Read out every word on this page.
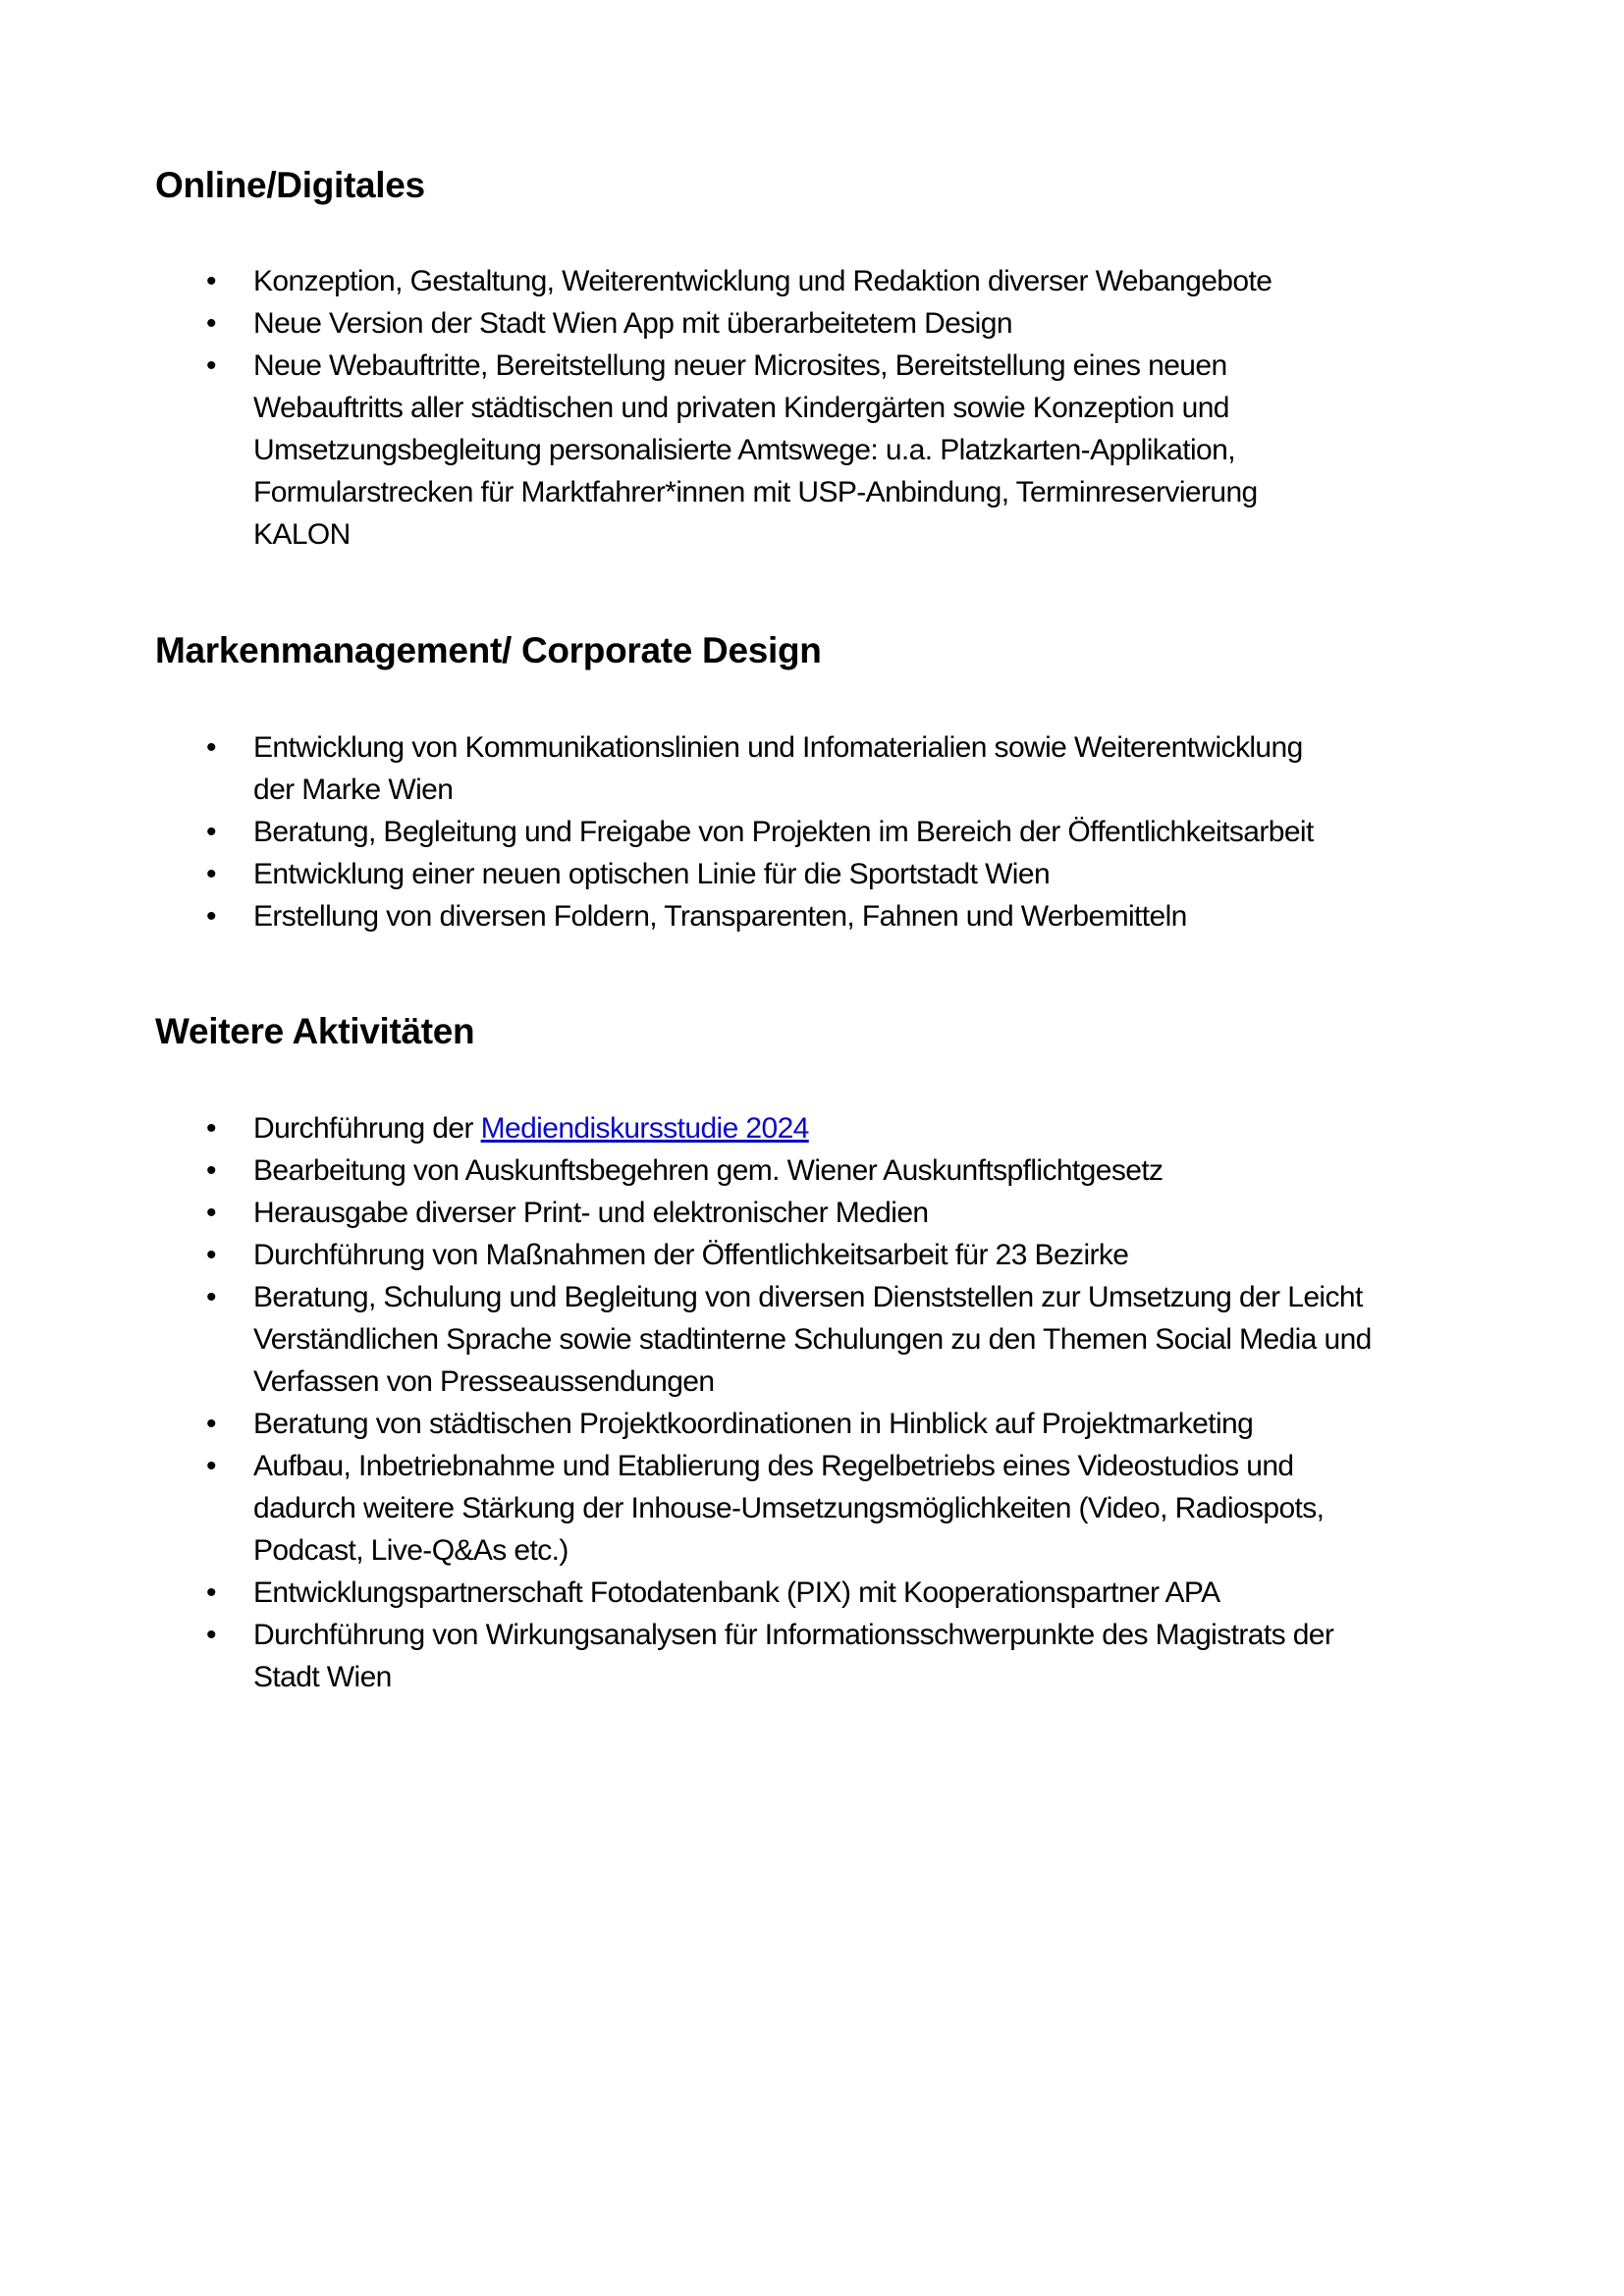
Online/Digitales
• Konzeption, Gestaltung, Weiterentwicklung und Redaktion diverser Webangebote
• Neue Version der Stadt Wien App mit überarbeitetem Design
• Neue Webauftritte, Bereitstellung neuer Microsites, Bereitstellung eines neuen
Webauftritts aller städtischen und privaten Kindergärten sowie Konzeption und
Umsetzungsbegleitung personalisierte Amtswege: u.a. Platzkarten-Applikation,
Formularstrecken für Marktfahrer*innen mit USP-Anbindung, Terminreservierung
KALON
Markenmanagement/ Corporate Design
• Entwicklung von Kommunikationslinien und Infomaterialien sowie Weiterentwicklung
der Marke Wien
• Beratung, Begleitung und Freigabe von Projekten im Bereich der Öffentlichkeitsarbeit
• Entwicklung einer neuen optischen Linie für die Sportstadt Wien
• Erstellung von diversen Foldern, Transparenten, Fahnen und Werbemitteln
Weitere Aktivitäten
• Durchführung der Mediendiskursstudie 2024
• Bearbeitung von Auskunftsbegehren gem. Wiener Auskunftspflichtgesetz
• Herausgabe diverser Print- und elektronischer Medien
• Durchführung von Maßnahmen der Öffentlichkeitsarbeit für 23 Bezirke
• Beratung, Schulung und Begleitung von diversen Dienststellen zur Umsetzung der Leicht
Verständlichen Sprache sowie stadtinterne Schulungen zu den Themen Social Media und
Verfassen von Presseaussendungen
• Beratung von städtischen Projektkoordinationen in Hinblick auf Projektmarketing
• Aufbau, Inbetriebnahme und Etablierung des Regelbetriebs eines Videostudios und
dadurch weitere Stärkung der Inhouse-Umsetzungsmöglichkeiten (Video, Radiospots,
Podcast, Live-Q&As etc.)
• Entwicklungspartnerschaft Fotodatenbank (PIX) mit Kooperationspartner APA
• Durchführung von Wirkungsanalysen für Informationsschwerpunkte des Magistrats der
Stadt Wien
